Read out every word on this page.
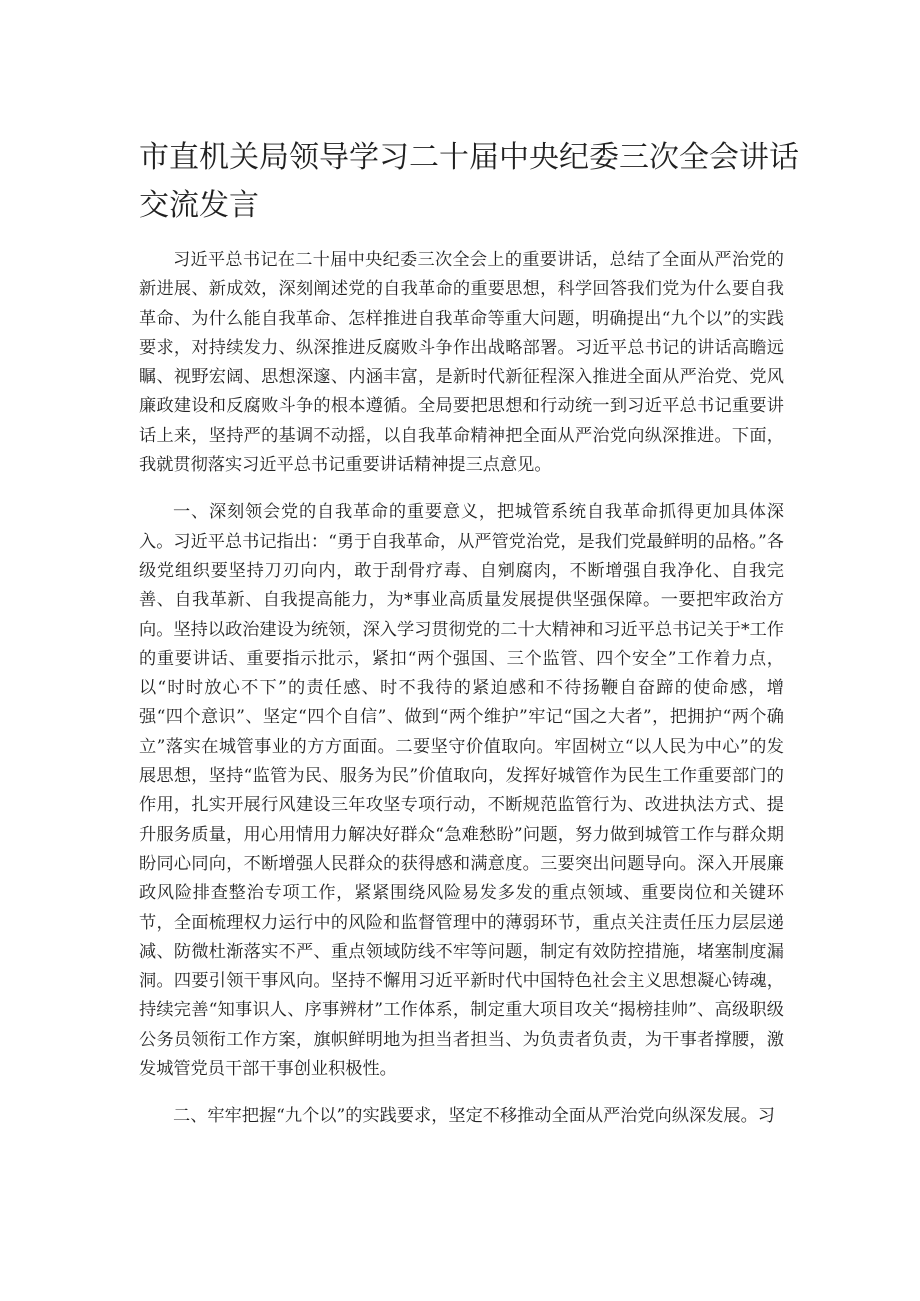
市直机关局领导学习二十届中央纪委三次全会讲话
交流发言

习近平总书记在二十届中央纪委三次全会上的重要讲话，总结了全面从严治党的新进展、新成效，深刻阐述党的自我革命的重要思想，科学回答我们党为什么要自我革命、为什么能自我革命、怎样推进自我革命等重大问题，明确提出“九个以”的实践要求，对持续发力、纵深推进反腐败斗争作出战略部署。习近平总书记的讲话高瞻远瞩、视野宏阔、思想深邃、内涵丰富，是新时代新征程深入推进全面从严治党、党风廉政建设和反腐败斗争的根本遵循。全局要把思想和行动统一到习近平总书记重要讲话上来，坚持严的基调不动摇，以自我革命精神把全面从严治党向纵深推进。下面，我就贯彻落实习近平总书记重要讲话精神提三点意见。

一、深刻领会党的自我革命的重要意义，把城管系统自我革命抓得更加具体深入。习近平总书记指出：“勇于自我革命，从严管党治党，是我们党最鲜明的品格。”各级党组织要坚持刀刃向内，敢于刮骨疗毒、自剜腐肉，不断增强自我净化、自我完善、自我革新、自我提高能力，为*事业高质量发展提供坚强保障。一要把牢政治方向。坚持以政治建设为统领，深入学习贯彻党的二十大精神和习近平总书记关于*工作的重要讲话、重要指示批示，紧扣“两个强国、三个监管、四个安全”工作着力点，以“时时放心不下”的责任感、时不我待的紧迫感和不待扬鞭自奋蹄的使命感，增强“四个意识”、坚定“四个自信”、做到“两个维护”牢记“国之大者”，把拥护“两个确立”落实在城管事业的方方面面。二要坚守价值取向。牢固树立“以人民为中心”的发展思想，坚持“监管为民、服务为民”价值取向，发挥好城管作为民生工作重要部门的作用，扎实开展行风建设三年攻坚专项行动，不断规范监管行为、改进执法方式、提升服务质量，用心用情用力解决好群众“急难愁盼”问题，努力做到城管工作与群众期盼同心同向，不断增强人民群众的获得感和满意度。三要突出问题导向。深入开展廉政风险排查整治专项工作，紧紧围绕风险易发多发的重点领域、重要岗位和关键环节，全面梳理权力运行中的风险和监督管理中的薄弱环节，重点关注责任压力层层递减、防微杜渐落实不严、重点领域防线不牢等问题，制定有效防控措施，堵塞制度漏洞。四要引领干事风向。坚持不懈用习近平新时代中国特色社会主义思想凝心铸魂，持续完善“知事识人、序事辨材”工作体系，制定重大项目攻关“揭榜挂帅”、高级职级公务员领衔工作方案，旗帜鲜明地为担当者担当、为负责者负责，为干事者撑腰，激发城管党员干部干事创业积极性。

二、牢牢把握“九个以”的实践要求，坚定不移推动全面从严治党向纵深发展。习
